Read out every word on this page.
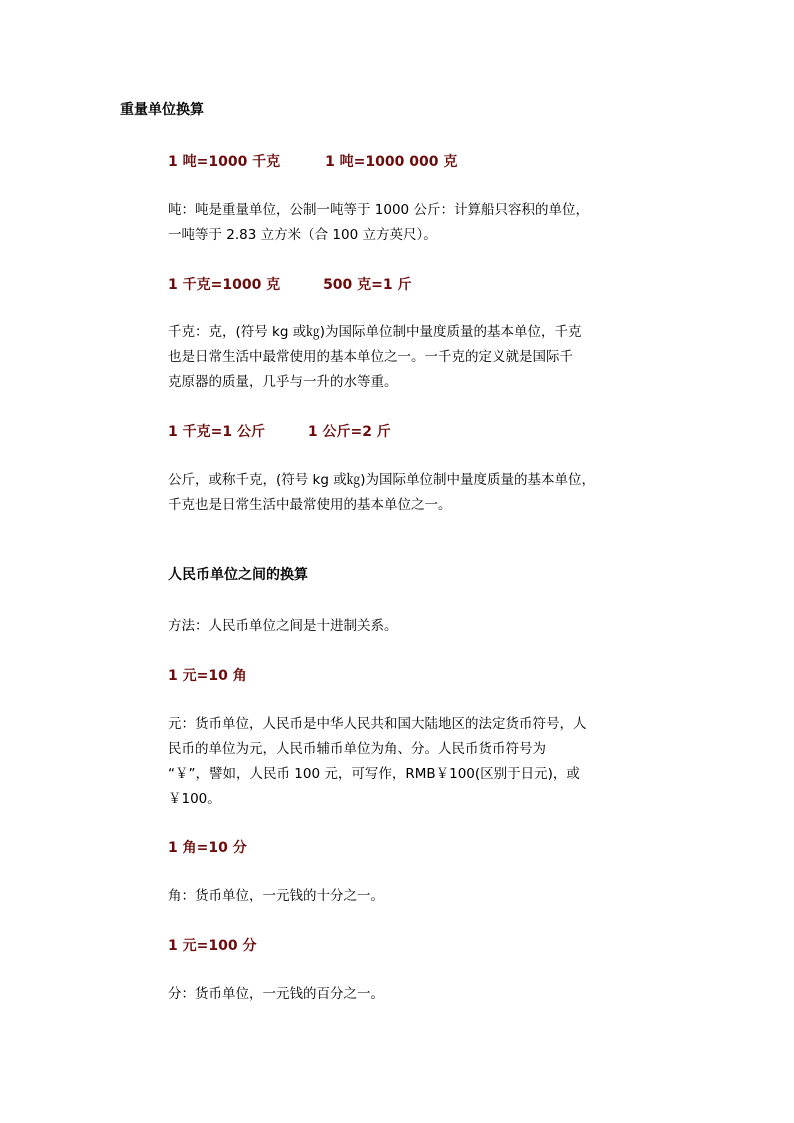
重量单位换算
1 吨=1000 千克	1 吨=1000 000 克
吨：吨是重量单位，公制一吨等于 1000 公斤：计算船只容积的单位，
一吨等于 2.83 立方米（合 100 立方英尺）。
1 千克=1000 克	500 克=1 斤
千克：克，(符号 kg 或㎏)为国际单位制中量度质量的基本单位，千克
也是日常生活中最常使用的基本单位之一。一千克的定义就是国际千
克原器的质量，几乎与一升的水等重。
1 千克=1 公斤	1 公斤=2 斤
公斤，或称千克，(符号 kg 或㎏)为国际单位制中量度质量的基本单位，
千克也是日常生活中最常使用的基本单位之一。
人民币单位之间的换算
方法：人民币单位之间是十进制关系。
1 元=10 角
元：货币单位，人民币是中华人民共和国大陆地区的法定货币符号，人
民币的单位为元，人民币辅币单位为角、分。人民币货币符号为
“￥”，譬如，人民币 100 元，可写作，RMB￥100(区别于日元)，或
￥100。
1 角=10 分
角：货币单位，一元钱的十分之一。
1 元=100 分
分：货币单位，一元钱的百分之一。
